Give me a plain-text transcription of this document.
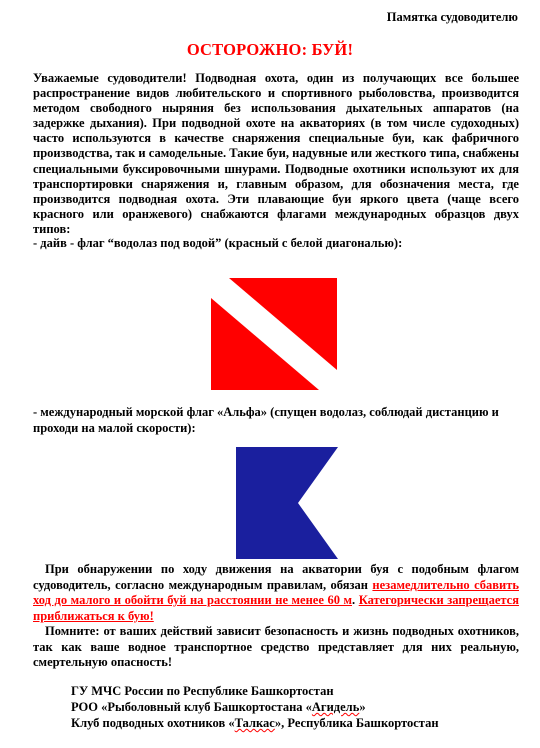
Памятка судоводителю
ОСТОРОЖНО: БУЙ!

Уважаемые судоводители! Подводная охота, один из получающих все большее распространение видов любительского и спортивного рыболовства, производится методом свободного ныряния без использования дыхательных аппаратов (на задержке дыхания). При подводной охоте на акваториях (в том числе судоходных) часто используются в качестве снаряжения специальные буи, как фабричного производства, так и самодельные. Такие буи, надувные или жесткого типа, снабжены специальными буксировочными шнурами. Подводные охотники используют их для транспортировки снаряжения и, главным образом, для обозначения места, где производится подводная охота. Эти плавающие буи яркого цвета (чаще всего красного или оранжевого) снабжаются флагами международных образцов двух типов:

- дайв - флаг “водолаз под водой” (красный с белой диагональю):

- международный морской флаг «Альфа» (спущен водолаз, соблюдай дистанцию и проходи на малой скорости):

При обнаружении по ходу движения на акватории буя с подобным флагом судоводитель, согласно международным правилам, обязан незамедлительно сбавить ход до малого и обойти буй на расстоянии не менее 60 м. Категорически запрещается приближаться к бую!

Помните: от ваших действий зависит безопасность и жизнь подводных охотников, так как ваше водное транспортное средство представляет для них реальную, смертельную опасность!

ГУ МЧС России по Республике Башкортостан
РОО «Рыболовный клуб Башкортостана «Агидель»
Клуб подводных охотников «Талкас», Республика Башкортостан
